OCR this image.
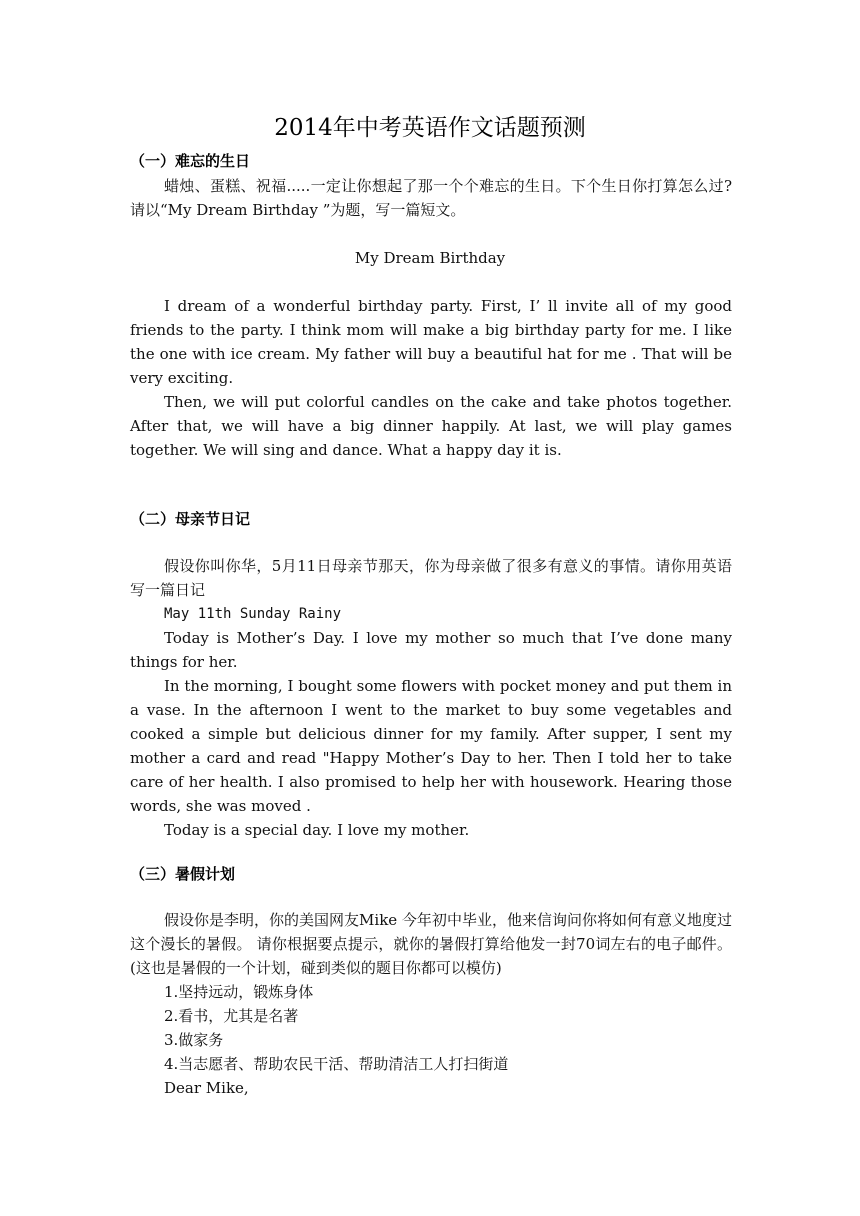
2014年中考英语作文话题预测
（一）难忘的生日
蜡烛、蛋糕、祝福.....一定让你想起了那一个个难忘的生日。下个生日你打算怎么过?请以“My Dream Birthday ”为题，写一篇短文。
My Dream Birthday
I dream of a wonderful birthday party. First, I’ ll invite all of my good friends to the party. I think mom will make a big birthday party for me. I like the one with ice cream. My father will buy a beautiful hat for me . That will be very exciting.
Then, we will put colorful candles on the cake and take photos together. After that, we will have a big dinner happily. At last, we will play games together. We will sing and dance. What a happy day it is.
（二）母亲节日记
假设你叫你华，5月11日母亲节那天，你为母亲做了很多有意义的事情。请你用英语写一篇日记
May 11th Sunday Rainy
Today is Mother’s Day. I love my mother so much that I’ve done many things for her.
In the morning, I bought some flowers with pocket money and put them in a vase. In the afternoon I went to the market to buy some vegetables and cooked a simple but delicious dinner for my family. After supper, I sent my mother a card and read "Happy Mother’s Day to her. Then I told her to take care of her health. I also promised to help her with housework. Hearing those words, she was moved .
Today is a special day. I love my mother.
（三）暑假计划
假设你是李明，你的美国网友Mike 今年初中毕业，他来信询问你将如何有意义地度过这个漫长的暑假。 请你根据要点提示，就你的暑假打算给他发一封70词左右的电子邮件。(这也是暑假的一个计划，碰到类似的题目你都可以模仿)
1.坚持远动，锻炼身体
2.看书，尤其是名著
3.做家务
4.当志愿者、帮助农民干活、帮助清洁工人打扫街道
Dear Mike,
